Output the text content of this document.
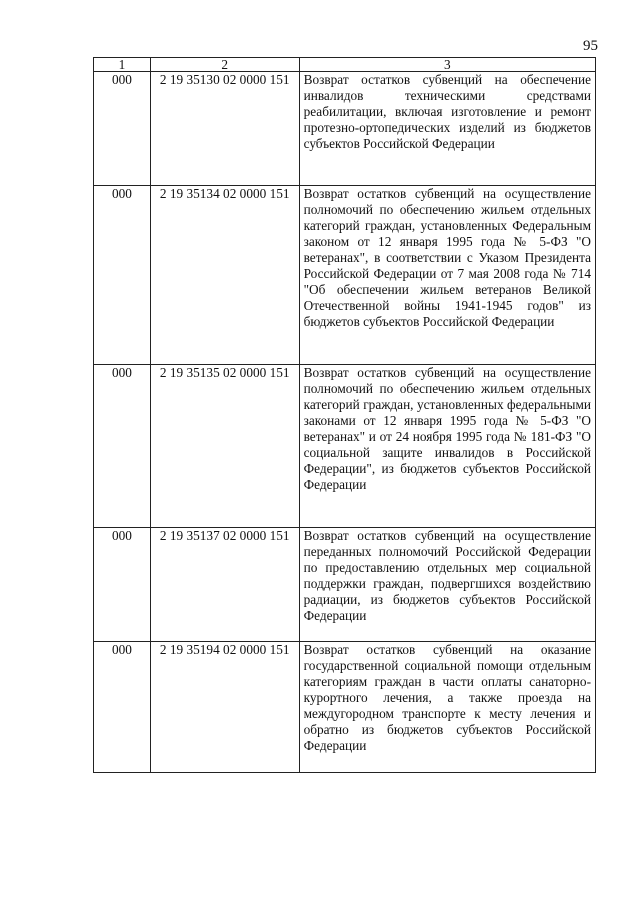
95
1	2	3
000	2 19 35130 02 0000 151	Возврат остатков субвенций на обеспечение инвалидов техническими средствами реабилитации, включая изготовление и ремонт протезно-ортопедических изделий из бюджетов субъектов Российской Федерации
000	2 19 35134 02 0000 151	Возврат остатков субвенций на осуществление полномочий по обеспечению жильем отдельных категорий граждан, установленных Федеральным законом от 12 января 1995 года № 5-ФЗ "О ветеранах", в соответствии с Указом Президента Российской Федерации от 7 мая 2008 года № 714 "Об обеспечении жильем ветеранов Великой Отечественной войны 1941-1945 годов" из бюджетов субъектов Российской Федерации
000	2 19 35135 02 0000 151	Возврат остатков субвенций на осуществление полномочий по обеспечению жильем отдельных категорий граждан, установленных федеральными законами от 12 января 1995 года № 5-ФЗ "О ветеранах" и от 24 ноября 1995 года № 181-ФЗ "О социальной защите инвалидов в Российской Федерации", из бюджетов субъектов Российской Федерации
000	2 19 35137 02 0000 151	Возврат остатков субвенций на осуществление переданных полномочий Российской Федерации по предоставлению отдельных мер социальной поддержки граждан, подвергшихся воздействию радиации, из бюджетов субъектов Российской Федерации
000	2 19 35194 02 0000 151	Возврат остатков субвенций на оказание государственной социальной помощи отдельным категориям граждан в части оплаты санаторно-курортного лечения, а также проезда на междугородном транспорте к месту лечения и обратно из бюджетов субъектов Российской Федерации
